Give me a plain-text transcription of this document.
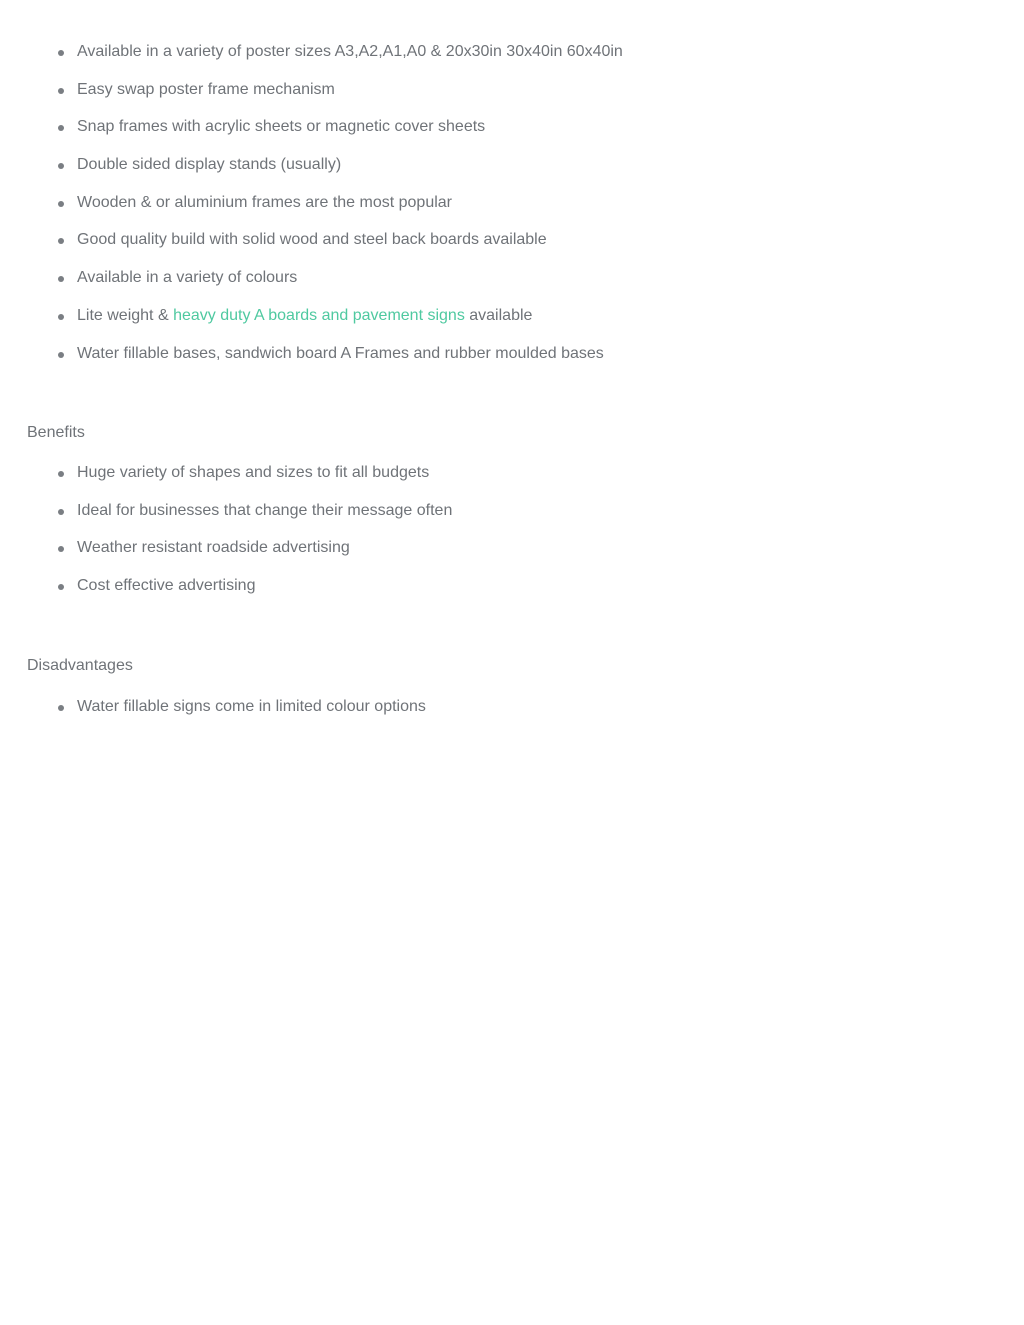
Available in a variety of poster sizes A3,A2,A1,A0 & 20x30in 30x40in 60x40in
Easy swap poster frame mechanism
Snap frames with acrylic sheets or magnetic cover sheets
Double sided display stands (usually)
Wooden & or aluminium frames are the most popular
Good quality build with solid wood and steel back boards available
Available in a variety of colours
Lite weight & heavy duty A boards and pavement signs available
Water fillable bases, sandwich board A Frames and rubber moulded bases
Benefits
Huge variety of shapes and sizes to fit all budgets
Ideal for businesses that change their message often
Weather resistant roadside advertising
Cost effective advertising
Disadvantages
Water fillable signs come in limited colour options
